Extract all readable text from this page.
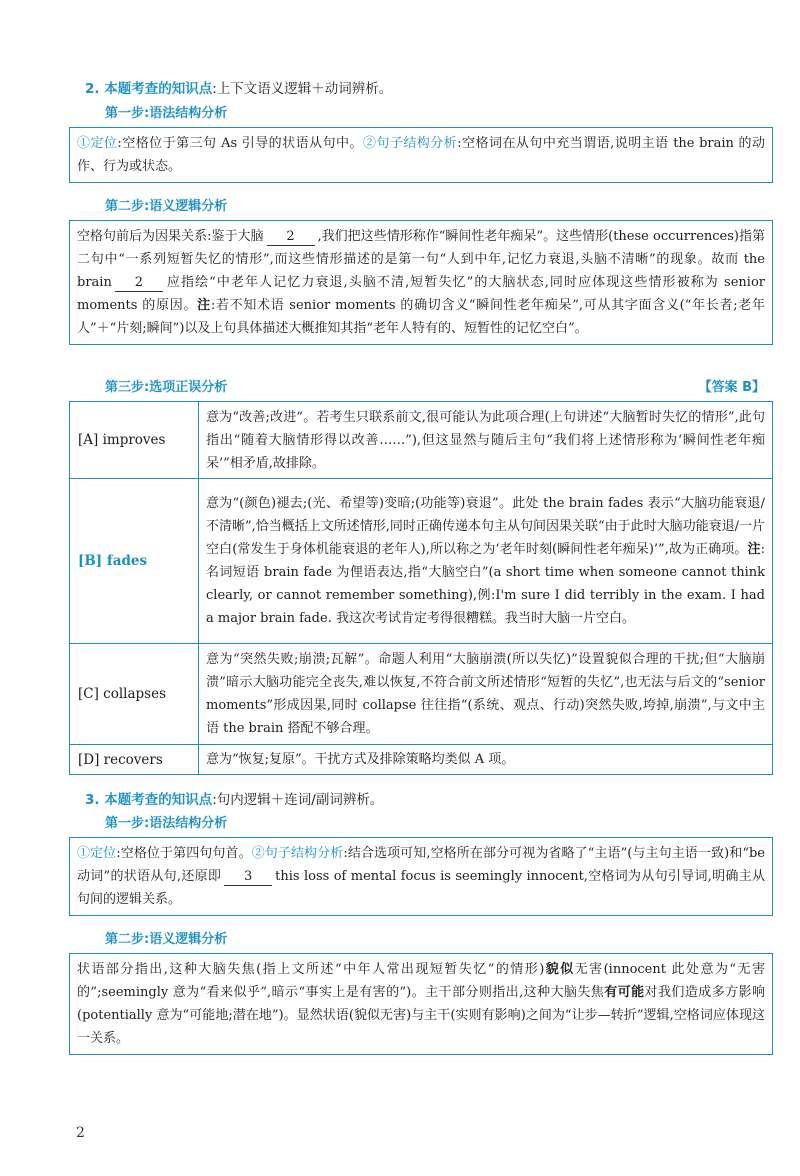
2. 本题考查的知识点:上下文语义逻辑＋动词辨析。
第一步:语法结构分析
①定位:空格位于第三句 As 引导的状语从句中。②句子结构分析:空格词在从句中充当谓语,说明主语 the brain 的动作、行为或状态。
第二步:语义逻辑分析
空格句前后为因果关系:鉴于大脑 2 ,我们把这些情形称作“瞬间性老年痴呆”。这些情形(these occurrences)指第二句中“一系列短暂失忆的情形”,而这些情形描述的是第一句“人到中年,记忆力衰退,头脑不清晰”的现象。故而 the brain 2 应指绘“中老年人记忆力衰退,头脑不清,短暂失忆”的大脑状态,同时应体现这些情形被称为 senior moments 的原因。注:若不知术语 senior moments 的确切含义“瞬间性老年痴呆”,可从其字面含义(“年长者;老年人”＋“片刻;瞬间”)以及上句具体描述大概推知其指“老年人特有的、短暂性的记忆空白”。
第三步:选项正误分析	【答案 B】
[A] improves	意为“改善;改进”。若考生只联系前文,很可能认为此项合理(上句讲述“大脑暂时失忆的情形”,此句指出“随着大脑情形得以改善……”),但这显然与随后主句“我们将上述情形称为‘瞬间性老年痴呆’”相矛盾,故排除。
[B] fades	意为“(颜色)褪去;(光、希望等)变暗;(功能等)衰退”。此处 the brain fades 表示“大脑功能衰退/不清晰”,恰当概括上文所述情形,同时正确传递本句主从句间因果关联“由于此时大脑功能衰退/一片空白(常发生于身体机能衰退的老年人),所以称之为‘老年时刻(瞬间性老年痴呆)’”,故为正确项。注:名词短语 brain fade 为俚语表达,指“大脑空白”(a short time when someone cannot think clearly, or cannot remember something),例:I'm sure I did terribly in the exam. I had a major brain fade. 我这次考试肯定考得很糟糕。我当时大脑一片空白。
[C] collapses	意为“突然失败;崩溃;瓦解”。命题人利用“大脑崩溃(所以失忆)”设置貌似合理的干扰;但“大脑崩溃”暗示大脑功能完全丧失,难以恢复,不符合前文所述情形“短暂的失忆”,也无法与后文的“senior moments”形成因果,同时 collapse 往往指“(系统、观点、行动)突然失败,垮掉,崩溃”,与文中主语 the brain 搭配不够合理。
[D] recovers	意为“恢复;复原”。干扰方式及排除策略均类似 A 项。
3. 本题考查的知识点:句内逻辑＋连词/副词辨析。
第一步:语法结构分析
①定位:空格位于第四句句首。②句子结构分析:结合选项可知,空格所在部分可视为省略了“主语”(与主句主语一致)和“be 动词”的状语从句,还原即 3 this loss of mental focus is seemingly innocent,空格词为从句引导词,明确主从句间的逻辑关系。
第二步:语义逻辑分析
状语部分指出,这种大脑失焦(指上文所述“中年人常出现短暂失忆”的情形)貌似无害(innocent 此处意为“无害的”;seemingly 意为“看来似乎”,暗示“事实上是有害的”)。主干部分则指出,这种大脑失焦有可能对我们造成多方影响(potentially 意为“可能地;潜在地”)。显然状语(貌似无害)与主干(实则有影响)之间为“让步—转折”逻辑,空格词应体现这一关系。
2
